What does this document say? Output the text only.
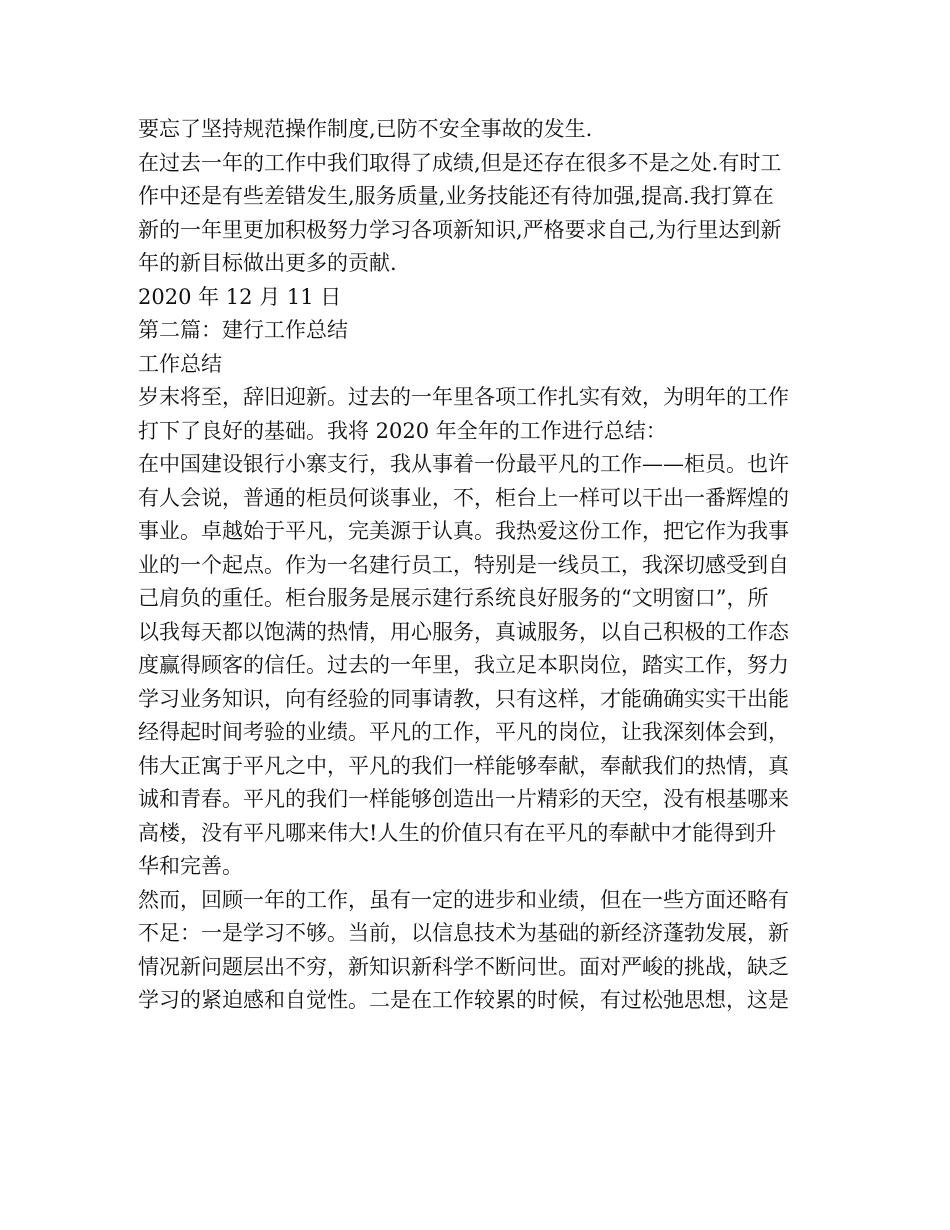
要忘了坚持规范操作制度,已防不安全事故的发生.
在过去一年的工作中我们取得了成绩,但是还存在很多不是之处.有时工
作中还是有些差错发生,服务质量,业务技能还有待加强,提高.我打算在
新的一年里更加积极努力学习各项新知识,严格要求自己,为行里达到新
年的新目标做出更多的贡献.
2020 年 12 月 11 日
第二篇：建行工作总结
工作总结
岁末将至，辞旧迎新。过去的一年里各项工作扎实有效，为明年的工作
打下了良好的基础。我将 2020 年全年的工作进行总结：
在中国建设银行小寨支行，我从事着一份最平凡的工作——柜员。也许
有人会说，普通的柜员何谈事业，不，柜台上一样可以干出一番辉煌的
事业。卓越始于平凡，完美源于认真。我热爱这份工作，把它作为我事
业的一个起点。作为一名建行员工，特别是一线员工，我深切感受到自
己肩负的重任。柜台服务是展示建行系统良好服务的“文明窗口”，所
以我每天都以饱满的热情，用心服务，真诚服务，以自己积极的工作态
度赢得顾客的信任。过去的一年里，我立足本职岗位，踏实工作，努力
学习业务知识，向有经验的同事请教，只有这样，才能确确实实干出能
经得起时间考验的业绩。平凡的工作，平凡的岗位，让我深刻体会到，
伟大正寓于平凡之中，平凡的我们一样能够奉献，奉献我们的热情，真
诚和青春。平凡的我们一样能够创造出一片精彩的天空，没有根基哪来
高楼，没有平凡哪来伟大!人生的价值只有在平凡的奉献中才能得到升
华和完善。
然而，回顾一年的工作，虽有一定的进步和业绩，但在一些方面还略有
不足：一是学习不够。当前，以信息技术为基础的新经济蓬勃发展，新
情况新问题层出不穷，新知识新科学不断问世。面对严峻的挑战，缺乏
学习的紧迫感和自觉性。二是在工作较累的时候，有过松弛思想，这是
